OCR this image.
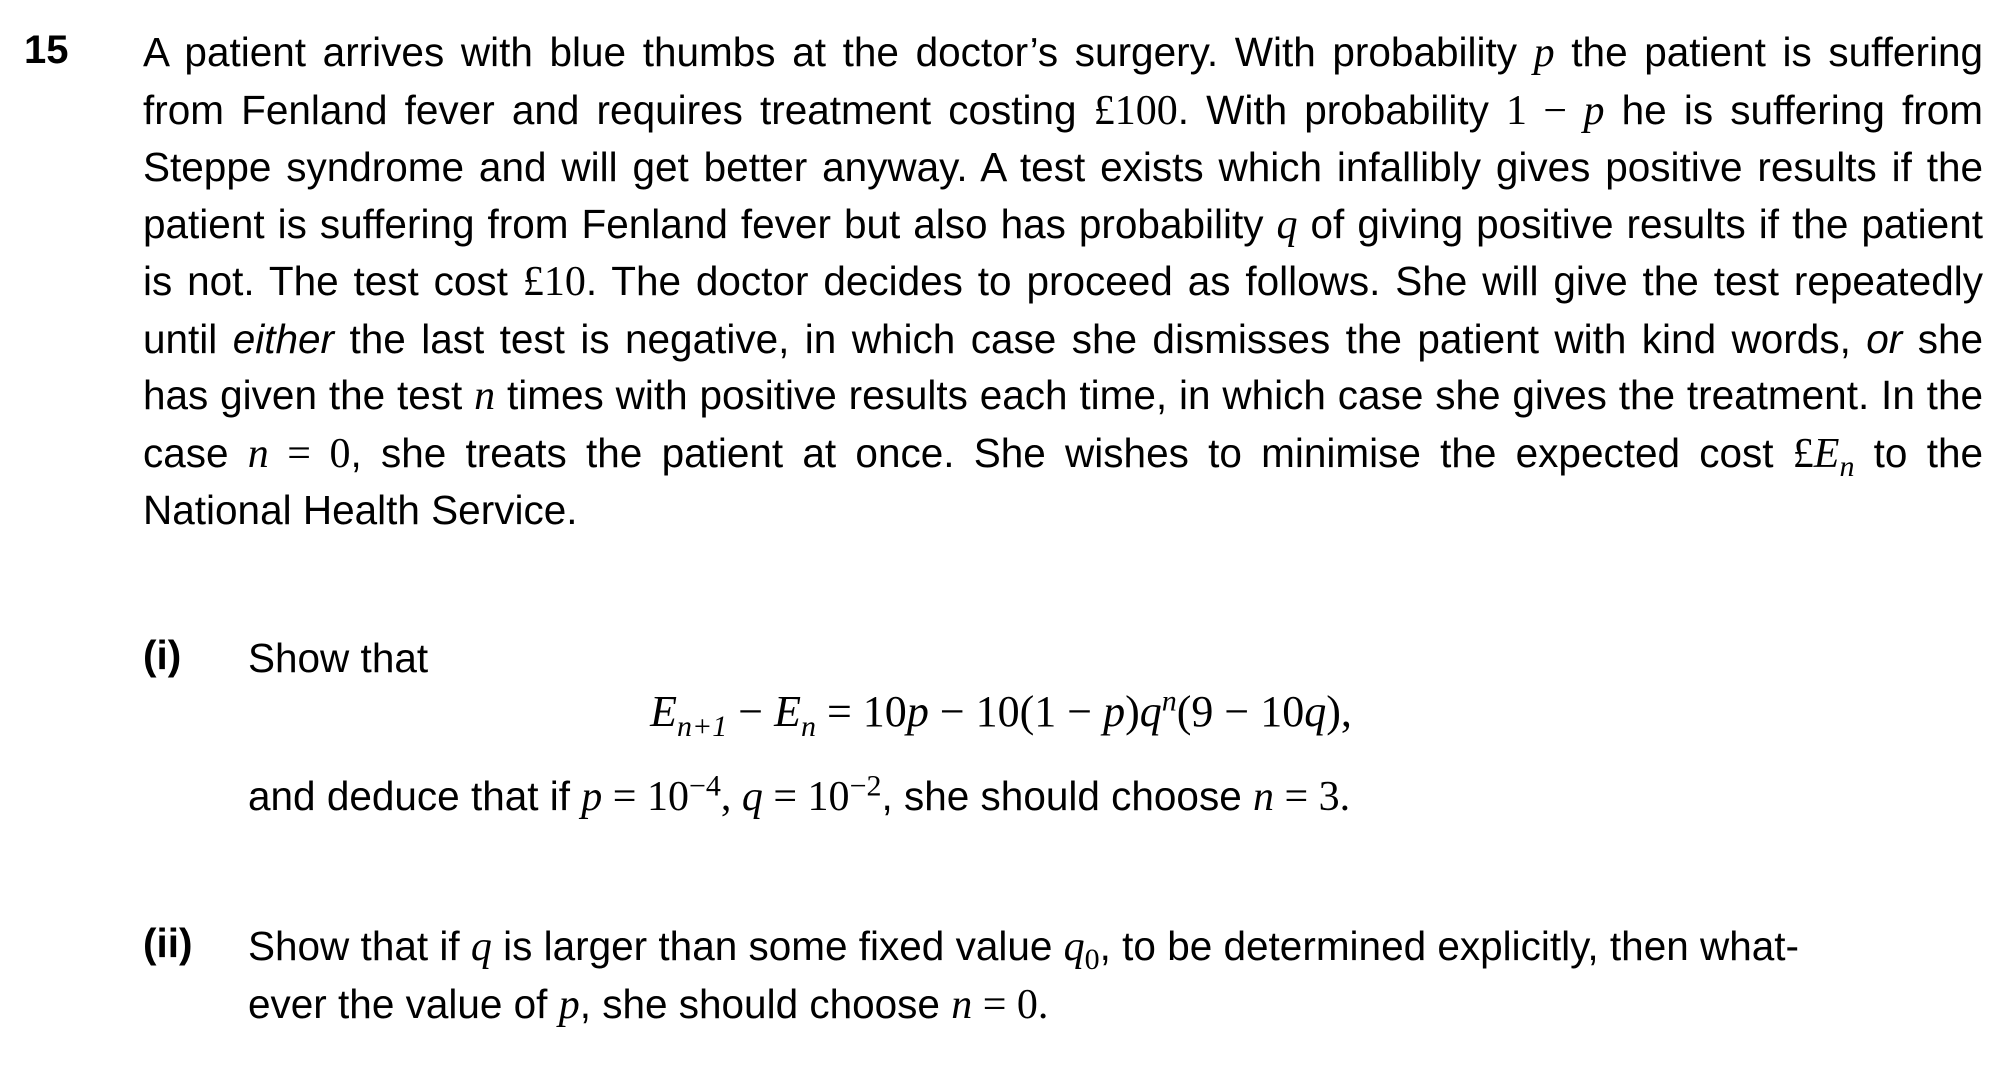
15 A patient arrives with blue thumbs at the doctor’s surgery. With probability p the patient is suffering from Fenland fever and requires treatment costing £100. With probability 1 − p he is suffering from Steppe syndrome and will get better anyway. A test exists which infallibly gives positive results if the patient is suffering from Fenland fever but also has probability q of giving positive results if the patient is not. The test cost £10. The doctor decides to proceed as follows. She will give the test repeatedly until either the last test is negative, in which case she dismisses the patient with kind words, or she has given the test n times with positive results each time, in which case she gives the treatment. In the case n = 0, she treats the patient at once. She wishes to minimise the expected cost $£E_n$ to the National Health Service.
(i) Show that
$E_{n+1} - E_n = 10p - 10(1 - p)q^n(9 - 10q)$,
and deduce that if $p = 10^{-4}$, $q = 10^{-2}$, she should choose n = 3.
(ii) Show that if q is larger than some fixed value $q_0$, to be determined explicitly, then what-
ever the value of p, she should choose n = 0.
